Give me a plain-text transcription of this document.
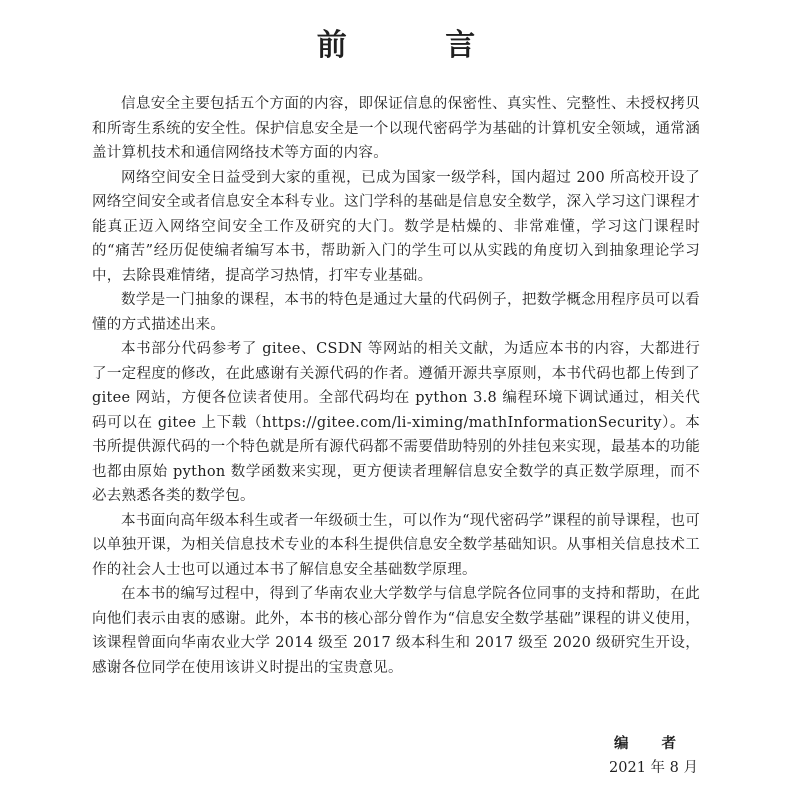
前 言

信息安全主要包括五个方面的内容，即保证信息的保密性、真实性、完整性、未授权拷贝和所寄生系统的安全性。保护信息安全是一个以现代密码学为基础的计算机安全领域，通常涵盖计算机技术和通信网络技术等方面的内容。

网络空间安全日益受到大家的重视，已成为国家一级学科，国内超过 200 所高校开设了网络空间安全或者信息安全本科专业。这门学科的基础是信息安全数学，深入学习这门课程才能真正迈入网络空间安全工作及研究的大门。数学是枯燥的、非常难懂，学习这门课程时的“痛苦”经历促使编者编写本书，帮助新入门的学生可以从实践的角度切入到抽象理论学习中，去除畏难情绪，提高学习热情，打牢专业基础。

数学是一门抽象的课程，本书的特色是通过大量的代码例子，把数学概念用程序员可以看懂的方式描述出来。

本书部分代码参考了 gitee、CSDN 等网站的相关文献，为适应本书的内容，大都进行了一定程度的修改，在此感谢有关源代码的作者。遵循开源共享原则，本书代码也都上传到了 gitee 网站，方便各位读者使用。全部代码均在 python 3.8 编程环境下调试通过，相关代码可以在 gitee 上下载（https://gitee.com/li-ximing/mathInformationSecurity）。本书所提供源代码的一个特色就是所有源代码都不需要借助特别的外挂包来实现，最基本的功能也都由原始 python 数学函数来实现，更方便读者理解信息安全数学的真正数学原理，而不必去熟悉各类的数学包。

本书面向高年级本科生或者一年级硕士生，可以作为“现代密码学”课程的前导课程，也可以单独开课，为相关信息技术专业的本科生提供信息安全数学基础知识。从事相关信息技术工作的社会人士也可以通过本书了解信息安全基础数学原理。

在本书的编写过程中，得到了华南农业大学数学与信息学院各位同事的支持和帮助，在此向他们表示由衷的感谢。此外，本书的核心部分曾作为“信息安全数学基础”课程的讲义使用，该课程曾面向华南农业大学 2014 级至 2017 级本科生和 2017 级至 2020 级研究生开设，感谢各位同学在使用该讲义时提出的宝贵意见。

编 者
2021 年 8 月
